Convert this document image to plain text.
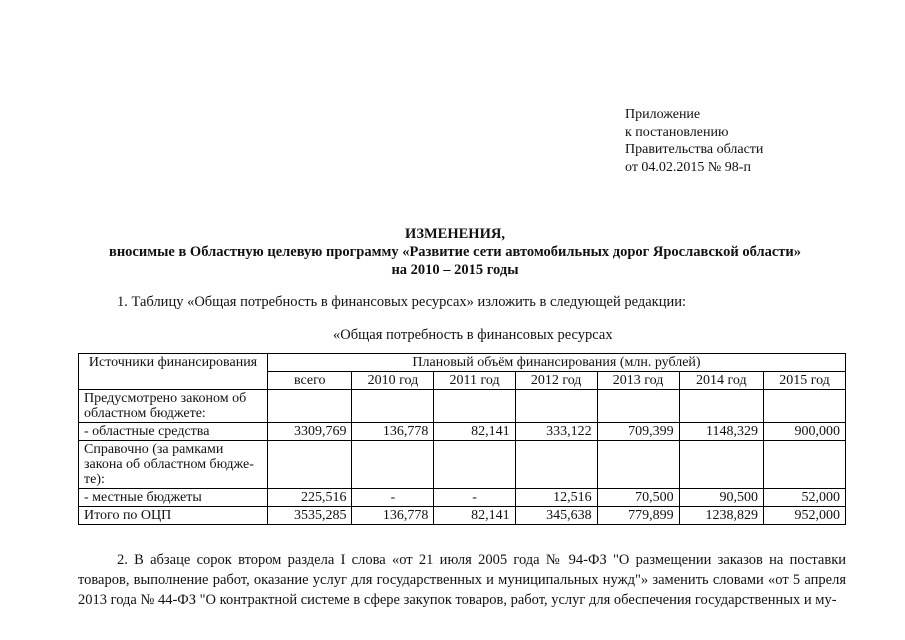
Приложение
к постановлению
Правительства области
от 04.02.2015 № 98-п
ИЗМЕНЕНИЯ,
вносимые в Областную целевую программу «Развитие сети автомобильных дорог Ярославской области»
на 2010 – 2015 годы
1. Таблицу «Общая потребность в финансовых ресурсах» изложить в следующей редакции:
«Общая потребность в финансовых ресурсах
Источники финансирования	Плановый объём финансирования (млн. рублей)						
	всего	2010 год	2011 год	2012 год	2013 год	2014 год	2015 год
Предусмотрено законом об областном бюджете:							
- областные средства	3309,769	136,778	82,141	333,122	709,399	1148,329	900,000
Справочно (за рамками закона об областном бюдже-те):							
- местные бюджеты	225,516	-	-	12,516	70,500	90,500	52,000
Итого по ОЦП	3535,285	136,778	82,141	345,638	779,899	1238,829	952,000
2. В абзаце сорок втором раздела I слова «от 21 июля 2005 года № 94-ФЗ "О размещении заказов на поставки товаров, выполнение работ, оказание услуг для государственных и муниципальных нужд"» заменить словами «от 5 апреля 2013 года № 44-ФЗ "О контрактной системе в сфере закупок товаров, работ, услуг для обеспечения государственных и му-
